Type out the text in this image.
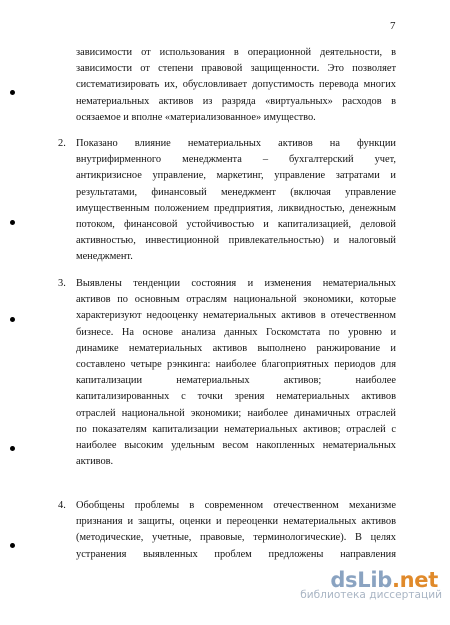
7
зависимости от использования в операционной деятельности, в
зависимости от степени правовой защищенности. Это позволяет
систематизировать их, обусловливает допустимость перевода многих
нематериальных активов из разряда «виртуальных» расходов в
осязаемое и вполне «материализованное» имущество.
2. Показано влияние нематериальных активов на функции
внутрифирменного менеджмента – бухгалтерский учет,
антикризисное управление, маркетинг, управление затратами и
результатами, финансовый менеджмент (включая управление
имущественным положением предприятия, ликвидностью, денежным
потоком, финансовой устойчивостью и капитализацией, деловой
активностью, инвестиционной привлекательностью) и налоговый
менеджмент.
3. Выявлены тенденции состояния и изменения нематериальных
активов по основным отраслям национальной экономики, которые
характеризуют недооценку нематериальных активов в отечественном
бизнесе. На основе анализа данных Госкомстата по уровню и
динамике нематериальных активов выполнено ранжирование и
составлено четыре рэнкинга: наиболее благоприятных периодов для
капитализации нематериальных активов; наиболее
капитализированных с точки зрения нематериальных активов
отраслей национальной экономики; наиболее динамичных отраслей
по показателям капитализации нематериальных активов; отраслей с
наиболее высоким удельным весом накопленных нематериальных
активов.
4. Обобщены проблемы в современном отечественном механизме
признания и защиты, оценки и переоценки нематериальных активов
(методические, учетные, правовые, терминологические). В целях
устранения выявленных проблем предложены направления
dsLib.net
библиотека диссертаций
